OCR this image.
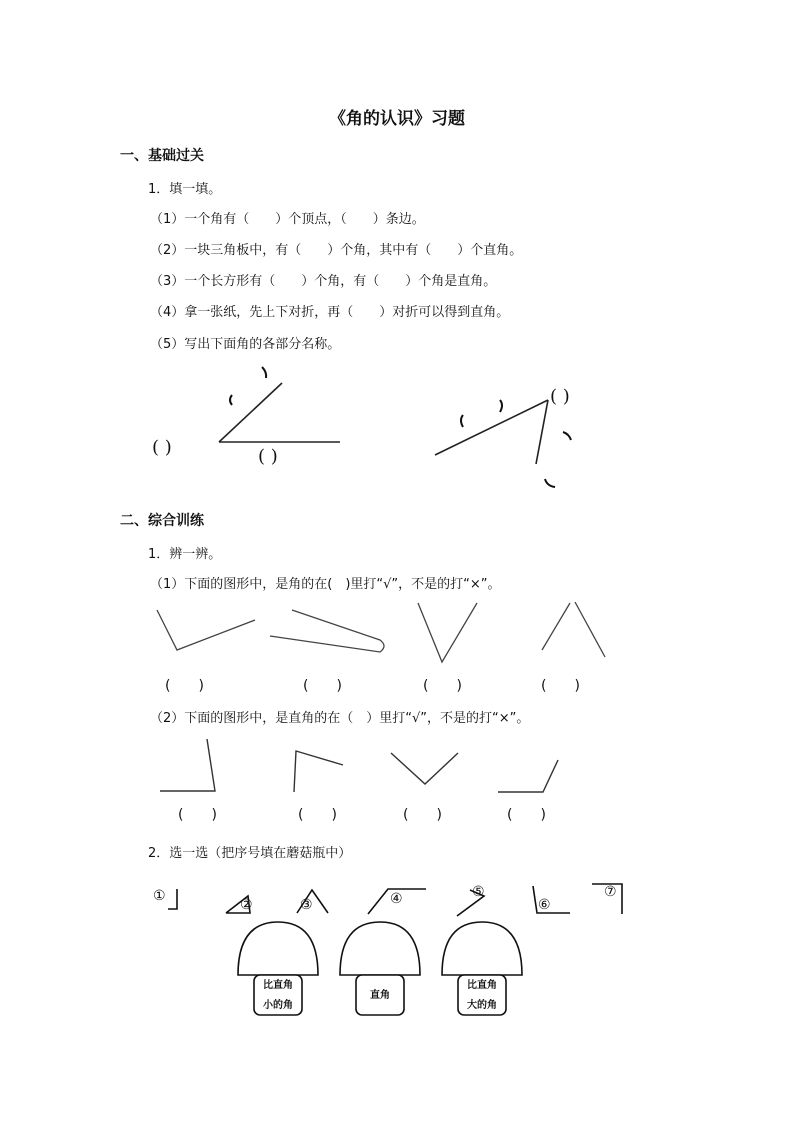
《角的认识》习题
一、基础过关
1．填一填。
（1）一个角有（　　）个顶点，（　　）条边。
（2）一块三角板中，有（　　）个角，其中有（　　）个直角。
（3）一个长方形有（　　）个角，有（　　）个角是直角。
（4）拿一张纸，先上下对折，再（　　）对折可以得到直角。
（5）写出下面角的各部分名称。
( )	( )
( )
二、综合训练
1．辨一辨。
（1）下面的图形中，是角的在(　)里打“√”，不是的打“×”。
(　　)	(　　)	(　　)	(　　)
（2）下面的图形中，是直角的在（　）里打“√”，不是的打“×”。
(　　)	(　　)	(　　)	(　　)
2．选一选（把序号填在蘑菇瓶中）
①
②	③	④	⑤
⑥
⑦
比直角
小的角
直角
比直角
大的角
